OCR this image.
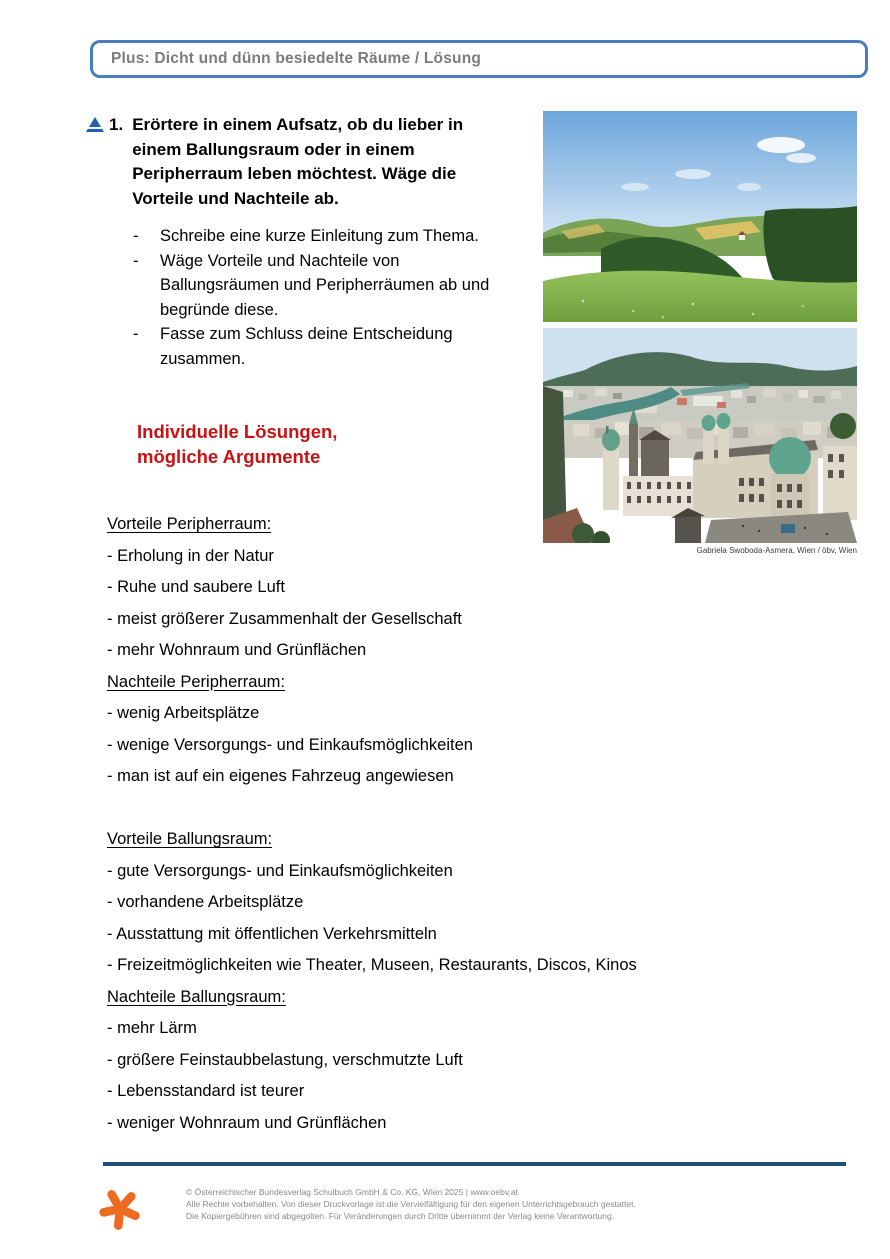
Plus: Dicht und dünn besiedelte Räume / Lösung
1. Erörtere in einem Aufsatz, ob du lieber in einem Ballungsraum oder in einem Peripherraum leben möchtest. Wäge die Vorteile und Nachteile ab.
-	Schreibe eine kurze Einleitung zum Thema.
-	Wäge Vorteile und Nachteile von Ballungsräumen und Peripherräumen ab und begründe diese.
-	Fasse zum Schluss deine Entscheidung zusammen.
Individuelle Lösungen,
mögliche Argumente
Gabriela Swoboda-Asmera, Wien / öbv, Wien
Vorteile Peripherraum:
- Erholung in der Natur
- Ruhe und saubere Luft
- meist größerer Zusammenhalt der Gesellschaft
- mehr Wohnraum und Grünflächen
Nachteile Peripherraum:
- wenig Arbeitsplätze
- wenige Versorgungs- und Einkaufsmöglichkeiten
- man ist auf ein eigenes Fahrzeug angewiesen
Vorteile Ballungsraum:
- gute Versorgungs- und Einkaufsmöglichkeiten
- vorhandene Arbeitsplätze
- Ausstattung mit öffentlichen Verkehrsmitteln
- Freizeitmöglichkeiten wie Theater, Museen, Restaurants, Discos, Kinos
Nachteile Ballungsraum:
- mehr Lärm
- größere Feinstaubbelastung, verschmutzte Luft
- Lebensstandard ist teurer
- weniger Wohnraum und Grünflächen
© Österreichischer Bundesverlag Schulbuch GmbH & Co. KG, Wien 2025 | www.oebv.at
Alle Rechte vorbehalten. Von dieser Druckvorlage ist die Vervielfältigung für den eigenen Unterrichtsgebrauch gestattet.
Die Kopiergebühren sind abgegolten. Für Veränderungen durch Dritte übernimmt der Verlag keine Verantwortung.
